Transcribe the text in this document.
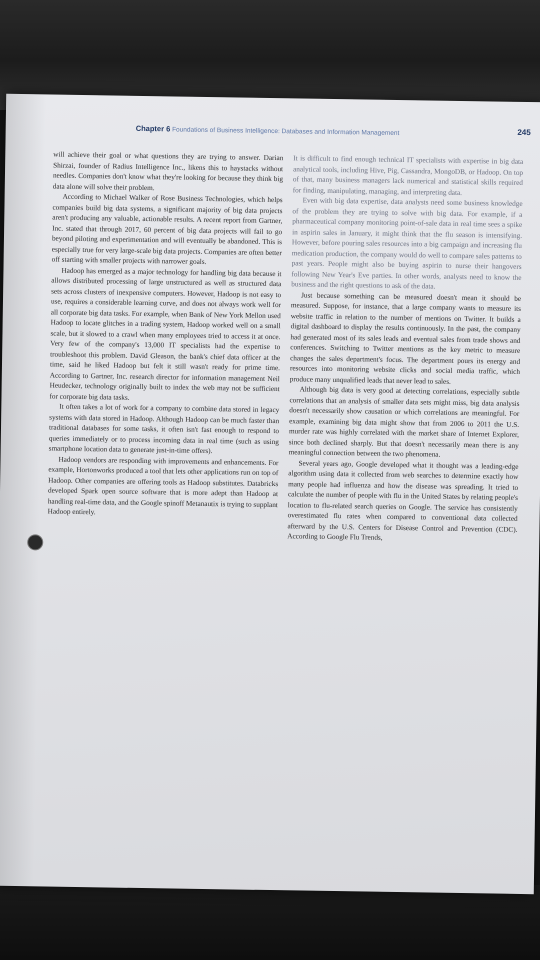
Chapter 6 Foundations of Business Intelligence: Databases and Information Management	245

will achieve their goal or what questions they are trying to answer. Darian Shirzai, founder of Radius Intelligence Inc., likens this to haystacks without needles. Companies don't know what they're looking for because they think big data alone will solve their problem.

According to Michael Walker of Rose Business Technologies, which helps companies build big data systems, a significant majority of big data projects aren't producing any valuable, actionable results. A recent report from Gartner, Inc. stated that through 2017, 60 percent of big data projects will fail to go beyond piloting and experimentation and will eventually be abandoned. This is especially true for very large-scale big data projects. Companies are often better off starting with smaller projects with narrower goals.

Hadoop has emerged as a major technology for handling big data because it allows distributed processing of large unstructured as well as structured data sets across clusters of inexpensive computers. However, Hadoop is not easy to use, requires a considerable learning curve, and does not always work well for all corporate big data tasks. For example, when Bank of New York Mellon used Hadoop to locate glitches in a trading system, Hadoop worked well on a small scale, but it slowed to a crawl when many employees tried to access it at once. Very few of the company's 13,000 IT specialists had the expertise to troubleshoot this problem. David Gleason, the bank's chief data officer at the time, said he liked Hadoop but felt it still wasn't ready for prime time. According to Gartner, Inc. research director for information management Neil Heudecker, technology originally built to index the web may not be sufficient for corporate big data tasks.

It often takes a lot of work for a company to combine data stored in legacy systems with data stored in Hadoop. Although Hadoop can be much faster than traditional databases for some tasks, it often isn't fast enough to respond to queries immediately or to process incoming data in real time (such as using smartphone location data to generate just-in-time offers).

Hadoop vendors are responding with improvements and enhancements. For example, Hortonworks produced a tool that lets other applications run on top of Hadoop. Other companies are offering tools as Hadoop substitutes. Databricks developed Spark open source software that is more adept than Hadoop at handling real-time data, and the Google spinoff Metanautix is trying to supplant Hadoop entirely.

It is difficult to find enough technical IT specialists with expertise in big data analytical tools, including Hive, Pig, Cassandra, MongoDB, or Hadoop. On top of that, many business managers lack numerical and statistical skills required for finding, manipulating, managing, and interpreting data.

Even with big data expertise, data analysts need some business knowledge of the problem they are trying to solve with big data. For example, if a pharmaceutical company monitoring point-of-sale data in real time sees a spike in aspirin sales in January, it might think that the flu season is intensifying. However, before pouring sales resources into a big campaign and increasing flu medication production, the company would do well to compare sales patterns to past years. People might also be buying aspirin to nurse their hangovers following New Year's Eve parties. In other words, analysts need to know the business and the right questions to ask of the data.

Just because something can be measured doesn't mean it should be measured. Suppose, for instance, that a large company wants to measure its website traffic in relation to the number of mentions on Twitter. It builds a digital dashboard to display the results continuously. In the past, the company had generated most of its sales leads and eventual sales from trade shows and conferences. Switching to Twitter mentions as the key metric to measure changes the sales department's focus. The department pours its energy and resources into monitoring website clicks and social media traffic, which produce many unqualified leads that never lead to sales.

Although big data is very good at detecting correlations, especially subtle correlations that an analysis of smaller data sets might miss, big data analysis doesn't necessarily show causation or which correlations are meaningful. For example, examining big data might show that from 2006 to 2011 the U.S. murder rate was highly correlated with the market share of Internet Explorer, since both declined sharply. But that doesn't necessarily mean there is any meaningful connection between the two phenomena.

Several years ago, Google developed what it thought was a leading-edge algorithm using data it collected from web searches to determine exactly how many people had influenza and how the disease was spreading. It tried to calculate the number of people with flu in the United States by relating people's location to flu-related search queries on Google. The service has consistently overestimated flu rates when compared to conventional data collected afterward by the U.S. Centers for Disease Control and Prevention (CDC). According to Google Flu Trends,
